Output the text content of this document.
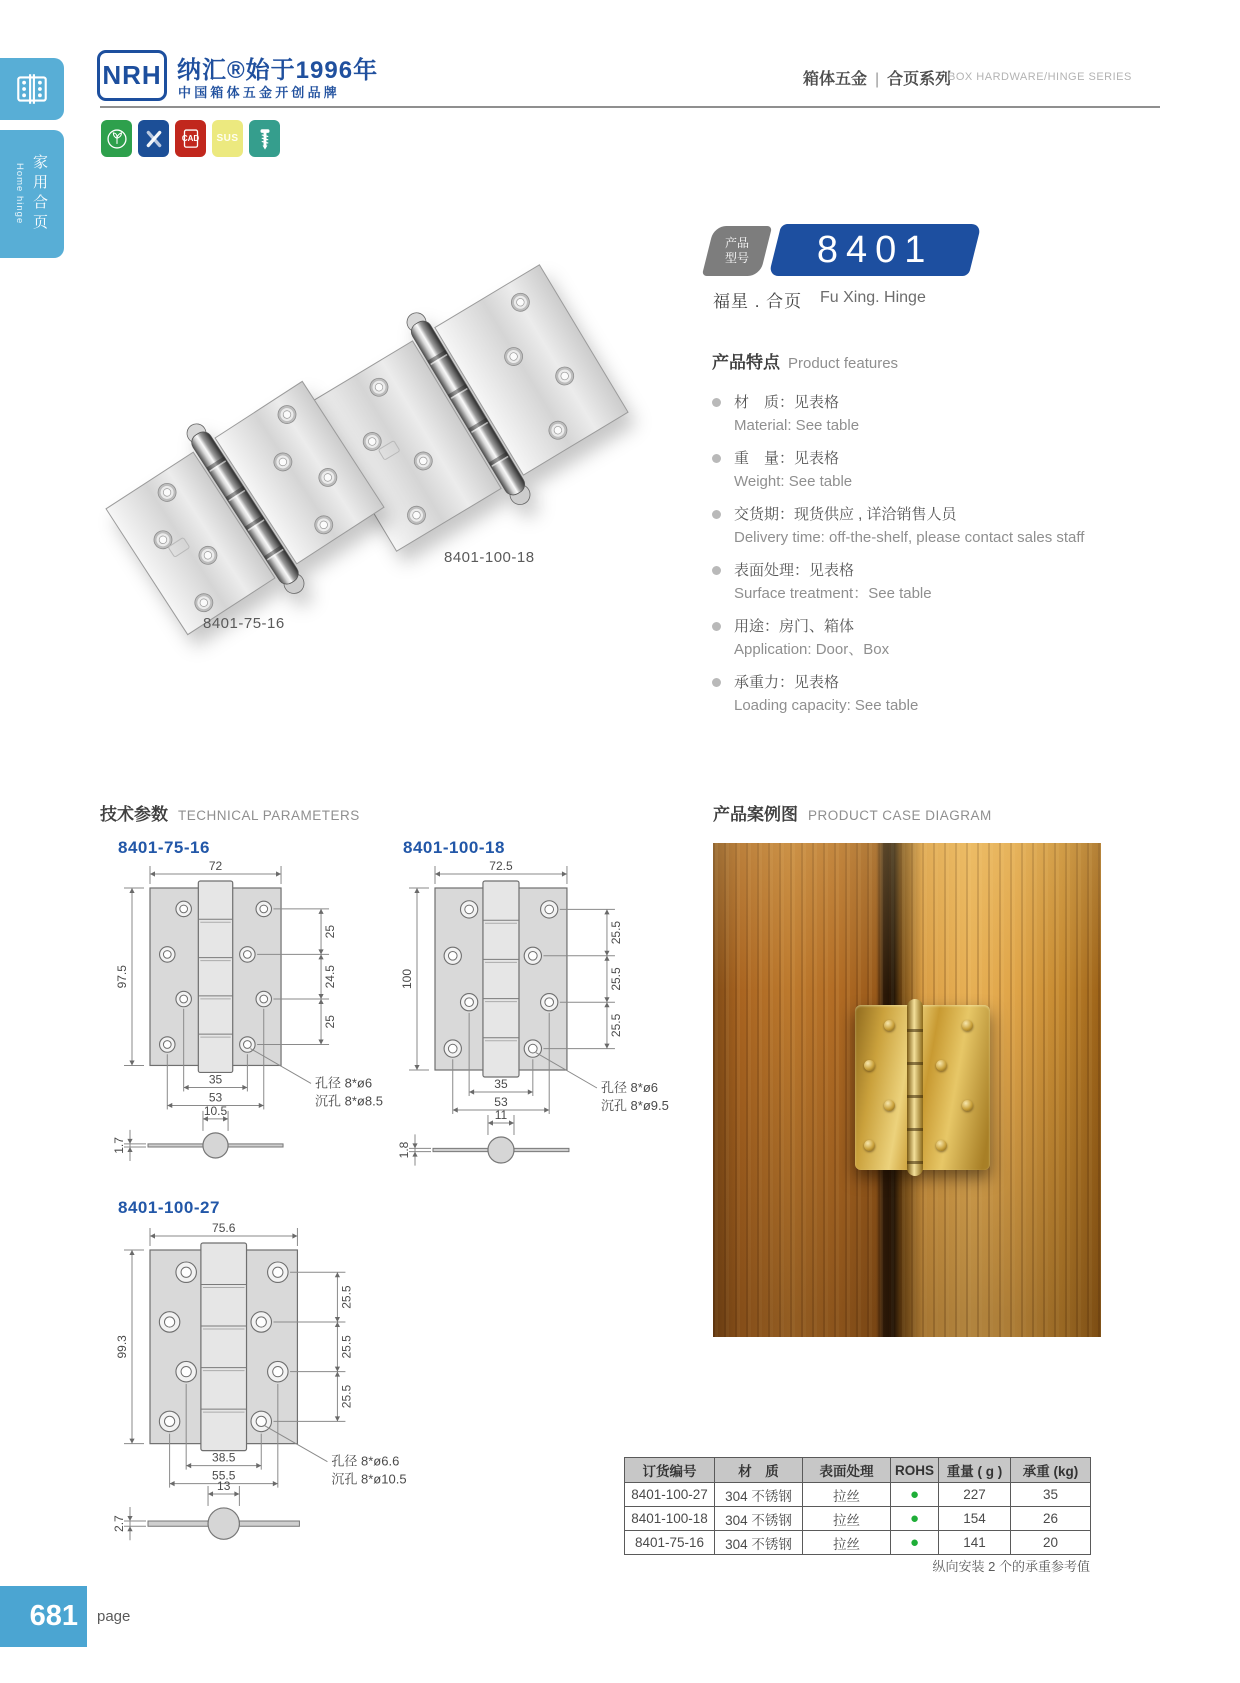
Home hinge 家用合页
NRH 纳汇®始于1996年
中国箱体五金开创品牌
箱体五金 | 合页系列
BOX HARDWARE/HINGE SERIES
CAD	SUS
8401-75-16
8401-100-18
产品
型号 8401
福星 . 合页 Fu Xing. Hinge
产品特点 Product features
材　质：见表格
Material: See table
重　量：见表格
Weight: See table
交货期：现货供应 , 详洽销售人员
Delivery time: off-the-shelf, please contact sales staff
表面处理：见表格
Surface treatment：See table
用途：房门、箱体
Application: Door、Box
承重力：见表格
Loading capacity: See table
技术参数 TECHNICAL PARAMETERS	产品案例图 PRODUCT CASE DIAGRAM
8401-75-16	8401-100-18
8401-100-27
72
97.5
25
24.5
25
35
53
孔径 8*ø6
沉孔 8*ø8.5
10.5
1.7
72.5
100
25.5
25.5
25.5
35
53
孔径 8*ø6
沉孔 8*ø9.5
11
1.8
75.6
99.3
25.5
25.5
25.5
38.5
55.5
孔径 8*ø6.6
沉孔 8*ø10.5
13
2.7
订货编号	材　质	表面处理	ROHS	重量 ( g )	承重 (kg)
8401-100-27	304 不锈钢	拉丝	●	227	35
8401-100-18	304 不锈钢	拉丝	●	154	26
8401-75-16	304 不锈钢	拉丝	●	141	20
纵向安装 2 个的承重参考值
681	page
